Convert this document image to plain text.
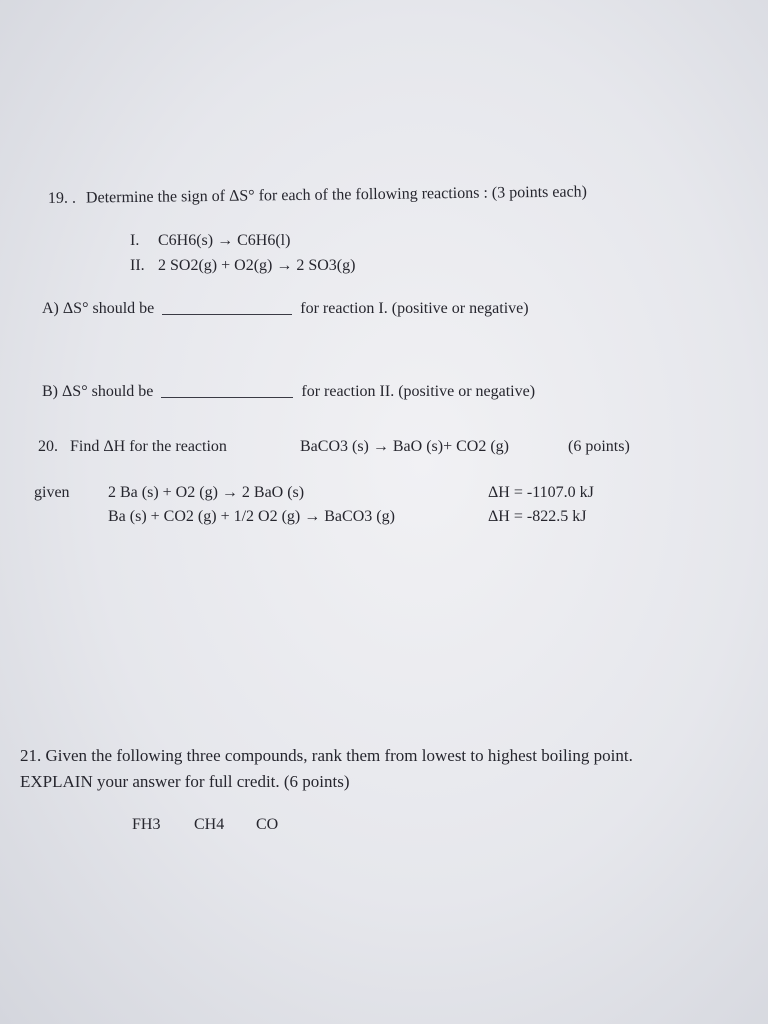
19. . Determine the sign of ΔS° for each of the following reactions : (3 points each)
I. C6H6(s) → C6H6(l)
II. 2 SO2(g) + O2(g) → 2 SO3(g)
A) ΔS° should be	for reaction I. (positive or negative)
B) ΔS° should be	for reaction II. (positive or negative)
20. Find ΔH for the reaction	BaCO3 (s) → BaO (s)+ CO2 (g)	(6 points)
given 2 Ba (s) + O2 (g) → 2 BaO (s)	ΔH = -1107.0 kJ
Ba (s) + CO2 (g) + 1/2 O2 (g) → BaCO3 (g)	ΔH = -822.5 kJ
21. Given the following three compounds, rank them from lowest to highest boiling point.
EXPLAIN your answer for full credit. (6 points)
FH3 CH4 CO
